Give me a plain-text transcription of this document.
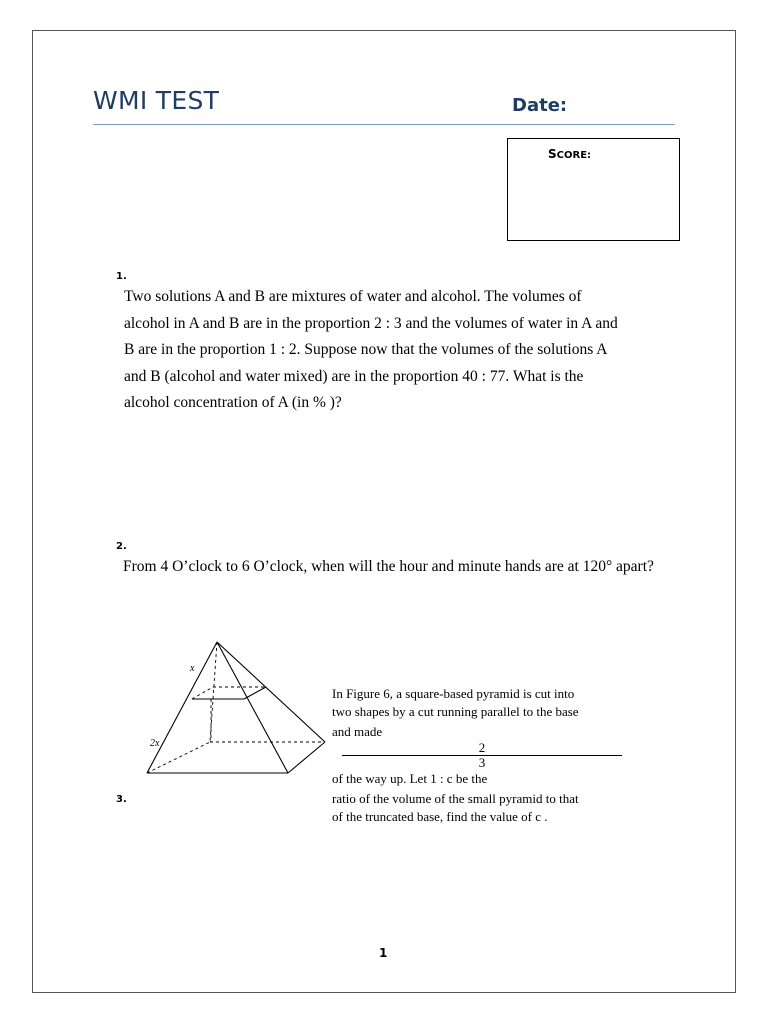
WMI TEST	Date:
SCORE:
1.
Two solutions A and B are mixtures of water and alcohol. The volumes of
alcohol in A and B are in the proportion 2 : 3 and the volumes of water in A and
B are in the proportion 1 : 2. Suppose now that the volumes of the solutions A
and B (alcohol and water mixed) are in the proportion 40 : 77. What is the
alcohol concentration of A (in % )?
2.
From 4 O’clock to 6 O’clock, when will the hour and minute hands are at 120° apart?
x
2x
In Figure 6, a square-based pyramid is cut into
two shapes by a cut running parallel to the base
and made
2
3
of the way up. Let 1 : c be the
ratio of the volume of the small pyramid to that
of the truncated base, find the value of c .
3.
1
